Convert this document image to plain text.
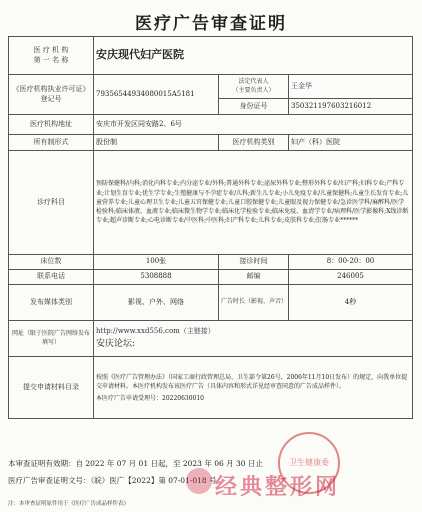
医疗广告审查证明
医 疗 机 构
第 一 名 称	安庆现代妇产医院		
《医疗机构执业许可证》登记号	79356544934080015A5181	法定代表人
（主要负责人）	王金华
		身份证号	350321197603216012
医疗机构地址	安庆市开发区同安路2、6号		
所有制形式	股份制	医疗机构类别	妇产（科）医院
诊疗科目	预防保健科/内科;消化内科专业;内分泌专业/外科;普通外科专业;泌尿外科专业;整形外科专业/妇产科;妇科专业;产科专业;计划生育专业;优生学专业;生殖健康与不孕症专业/儿科;新生儿专业;小儿免疫专业/儿童保健科;儿童生长发育专业;儿童营养专业;儿童心理卫生专业;儿童五官保健专业;儿童口腔保健专业;儿童眼及视力保健专业/急诊医学科/麻醉科/医学检验科;临床体液、血液专业;临床微生物学专业;临床化学检验专业;临床免疫、血清学专业/病理科/医学影像科;X线诊断专业;超声诊断专业;心电诊断专业/中医科;中医科;妇产科专业;儿科专业;皮肤科专业;肛肠专业******		
床位数	100张	接诊时间	8：00-20：00
联系电话	5308888	邮编	246005
发布媒体类别	影视、户外、网络	广告时长（影视、声音）	4秒
网址（限于医院广告网络发布填写）	http://www.xxd556.com（主链接）
安庆论坛:		

提交申请材料目录	按照《医疗广告管理办法》（国家工商行政管理总局、卫生部令第26号，2006年11月10日发布）的规定，向我单位提交申请材料。本医疗机构发布该医疗广告（具体内容和形式详见经审查同意的广告成品样件）。
本医疗广告申请受理号：20220630010		
本审查证明有效期：自 2022 年 07 月 01 日起，至 2023 年 06 月 30 日止
医疗广告审查证明文号：（皖）医广【2022】第 07-01-018 号
卫生健康委
注：本审查证明原件用于《医疗广告成品样件表》
经典整形网
